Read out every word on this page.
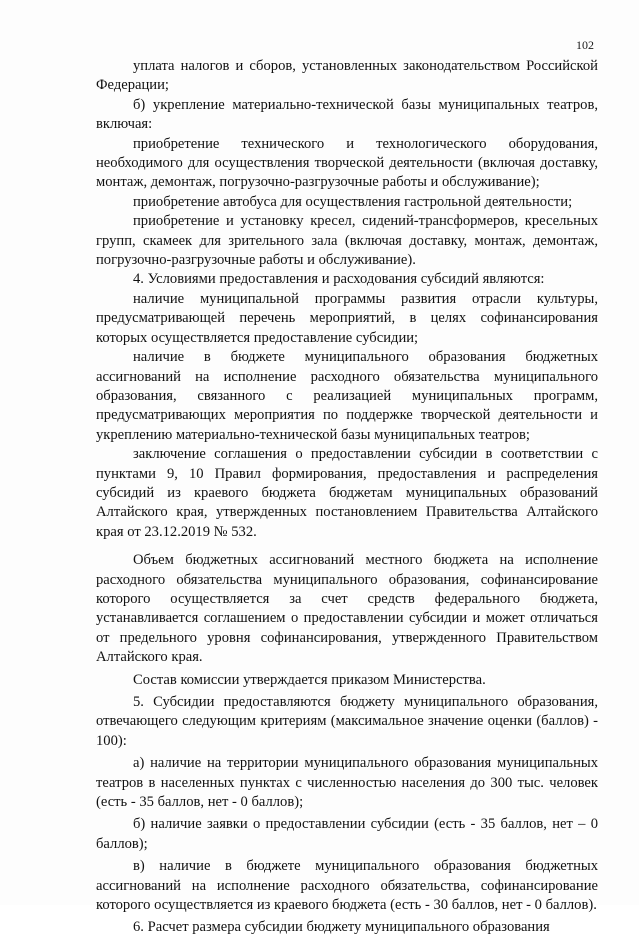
102

уплата налогов и сборов, установленных законодательством Российской Федерации;

б) укрепление материально-технической базы муниципальных театров, включая:

приобретение технического и технологического оборудования, необходимого для осуществления творческой деятельности (включая доставку, монтаж, демонтаж, погрузочно-разгрузочные работы и обслуживание);

приобретение автобуса для осуществления гастрольной деятельности;

приобретение и установку кресел, сидений-трансформеров, кресельных групп, скамеек для зрительного зала (включая доставку, монтаж, демонтаж, погрузочно-разгрузочные работы и обслуживание).

4. Условиями предоставления и расходования субсидий являются:

наличие муниципальной программы развития отрасли культуры, предусматривающей перечень мероприятий, в целях софинансирования которых осуществляется предоставление субсидии;

наличие в бюджете муниципального образования бюджетных ассигнований на исполнение расходного обязательства муниципального образования, связанного с реализацией муниципальных программ, предусматривающих мероприятия по поддержке творческой деятельности и укреплению материально-технической базы муниципальных театров;

заключение соглашения о предоставлении субсидии в соответствии с пунктами 9, 10 Правил формирования, предоставления и распределения субсидий из краевого бюджета бюджетам муниципальных образований Алтайского края, утвержденных постановлением Правительства Алтайского края от 23.12.2019 № 532.

Объем бюджетных ассигнований местного бюджета на исполнение расходного обязательства муниципального образования, софинансирование которого осуществляется за счет средств федерального бюджета, устанавливается соглашением о предоставлении субсидии и может отличаться от предельного уровня софинансирования, утвержденного Правительством Алтайского края.

Состав комиссии утверждается приказом Министерства.

5. Субсидии предоставляются бюджету муниципального образования, отвечающего следующим критериям (максимальное значение оценки (баллов) - 100):

а) наличие на территории муниципального образования муниципальных театров в населенных пунктах с численностью населения до 300 тыс. человек (есть - 35 баллов, нет - 0 баллов);

б) наличие заявки о предоставлении субсидии (есть - 35 баллов, нет – 0 баллов);

в) наличие в бюджете муниципального образования бюджетных ассигнований на исполнение расходного обязательства, софинансирование которого осуществляется из краевого бюджета (есть - 30 баллов, нет - 0 баллов).

6. Расчет размера субсидии бюджету муниципального образования
